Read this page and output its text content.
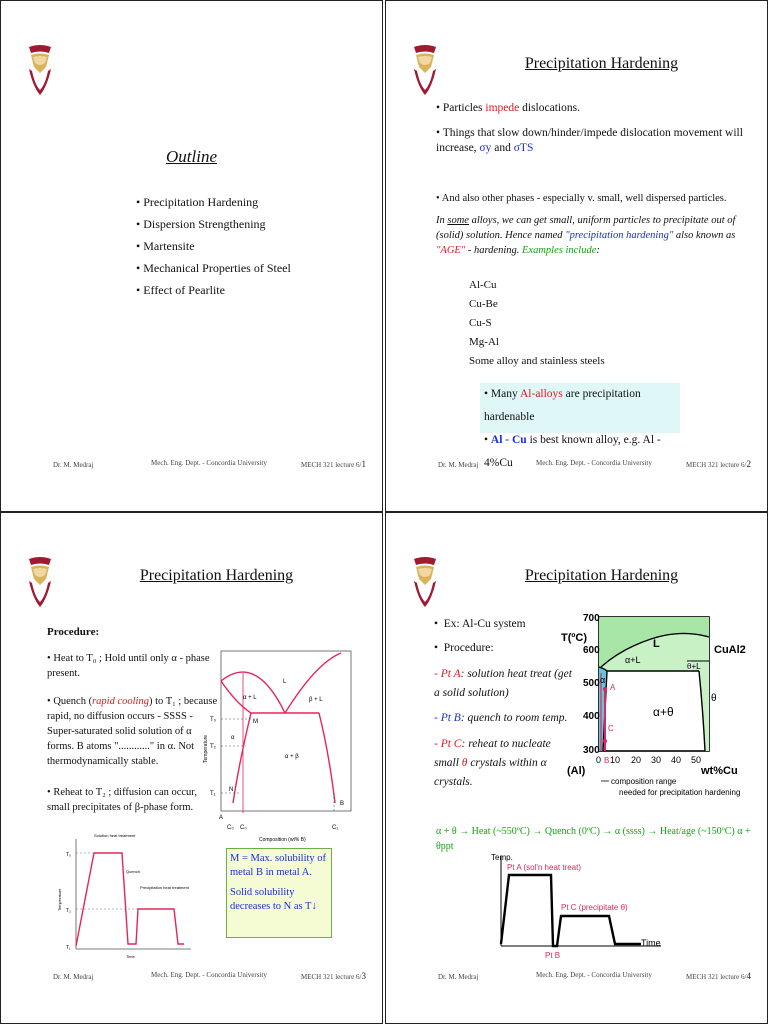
Outline
• Precipitation Hardening
• Dispersion Strengthening
• Martensite
• Mechanical Properties of Steel
• Effect of Pearlite
Dr. M. Medraj	Mech. Eng. Dept. - Concordia University	MECH 321 lecture 6/1
Precipitation Hardening
• Particles impede dislocations.
• Things that slow down/hinder/impede dislocation movement will increase, σy and σTS
• And also other phases - especially v. small, well dispersed particles.
In some alloys, we can get small, uniform particles to precipitate out of (solid) solution. Hence named "precipitation hardening" also known as "AGE" - hardening. Examples include:
Al-Cu
Cu-Be
Cu-S
Mg-Al
Some alloy and stainless steels
• Many Al-alloys are precipitation hardenable
• Al - Cu is best known alloy, e.g. Al - 4%Cu
Dr. M. Medraj	Mech. Eng. Dept. - Concordia University	MECH 321 lecture 6/2
Precipitation Hardening
Procedure:
• Heat to T₀ ; Hold until only α - phase present.
• Quench (rapid cooling) to T₁ ; because rapid, no diffusion occurs - SSSS - Super-saturated solid solution of α forms. B atoms "............" in α. Not thermodynamically stable.
• Reheat to T₂ ; diffusion can occur, small precipitates of β-phase form.
L
α + L	β + L
α
α + β
M
N
T₀
T₂
T₁
A
B
C₀ C₀	C₁
Composition (wt% B)
Temperature
T₀
T₂
T₁
Solution heat treatment
Quench
Precipitation heat treatment
Time
Temperature
M = Max. solubility of metal B in metal A.
Solid solubility decreases to N as T↓
Dr. M. Medraj	Mech. Eng. Dept. - Concordia University	MECH 321 lecture 6/3
Precipitation Hardening
•  Ex: Al-Cu system
•  Procedure:
- Pt A: solution heat treat (get a solid solution)
- Pt B: quench to room temp.
- Pt C: reheat to nucleate small θ crystals within α crystals.
700
600
500
400
300
T(ºC)
0 10 20 30 40 50
(Al)	wt%Cu
L
α+L
θ+L
α+θ
α
θ
CuAl2
A
B
C
composition range
needed for precipitation hardening
α + θ → Heat (~550ºC) → Quench (0ºC) → α (ssss) → Heat/age (~150ºC) α + θppt
Temp.
Pt A (sol'n heat treat)
Pt C (precipitate θ)
Pt B
Time
Dr. M. Medraj	Mech. Eng. Dept. - Concordia University	MECH 321 lecture 6/4
